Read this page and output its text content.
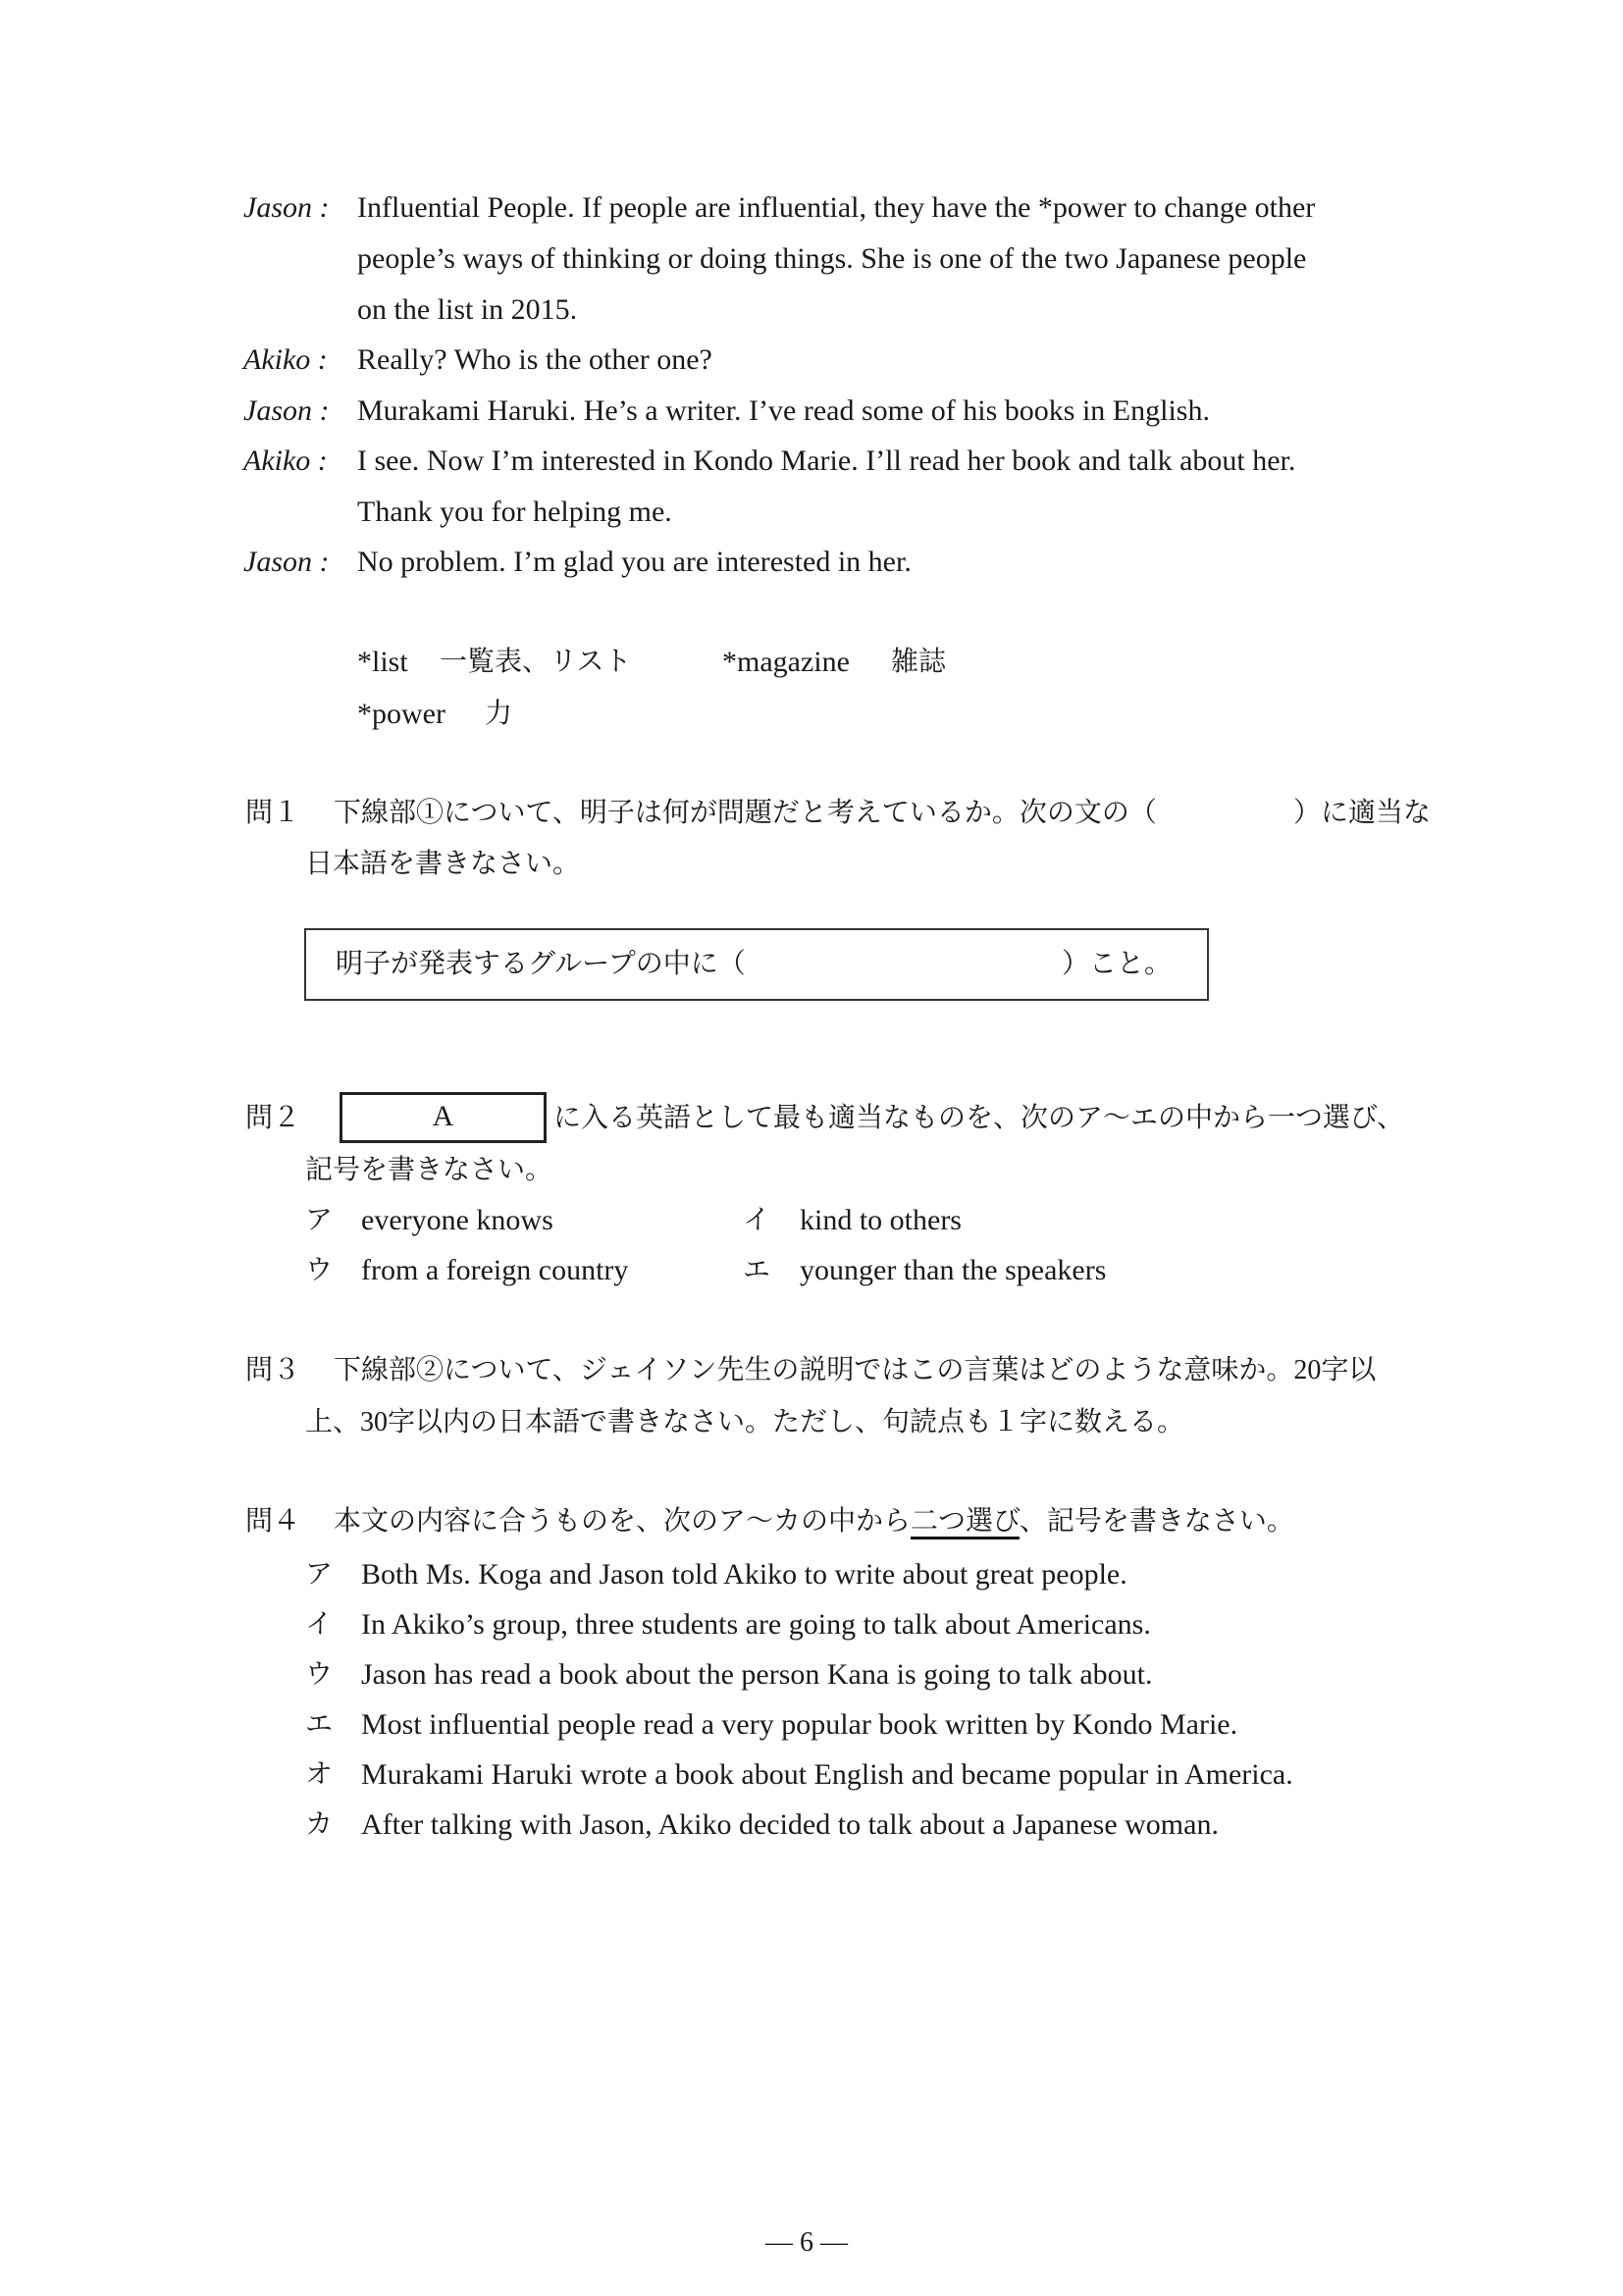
Jason : Influential People. If people are influential, they have the *power to change other
people’s ways of thinking or doing things. She is one of the two Japanese people
on the list in 2015.
Akiko : Really? Who is the other one?
Jason : Murakami Haruki. He’s a writer. I’ve read some of his books in English.
Akiko : I see. Now I’m interested in Kondo Marie. I’ll read her book and talk about her.
Thank you for helping me.
Jason : No problem. I’m glad you are interested in her.
*list 一覧表、リスト	*magazine 雑誌
*power 力
問１ 下線部①について、明子は何が問題だと考えているか。次の文の（	）に適当な
日本語を書きなさい。
明子が発表するグループの中に（	）こと。
問２	A	に入る英語として最も適当なものを、次のア～エの中から一つ選び、
記号を書きなさい。
ア everyone knows	イ kind to others
ウ from a foreign country	エ younger than the speakers
問３ 下線部②について、ジェイソン先生の説明ではこの言葉はどのような意味か。20字以
上、30字以内の日本語で書きなさい。ただし、句読点も１字に数える。
問４ 本文の内容に合うものを、次のア～カの中から二つ選び、記号を書きなさい。
ア Both Ms. Koga and Jason told Akiko to write about great people.
イ In Akiko’s group, three students are going to talk about Americans.
ウ Jason has read a book about the person Kana is going to talk about.
エ Most influential people read a very popular book written by Kondo Marie.
オ Murakami Haruki wrote a book about English and became popular in America.
カ After talking with Jason, Akiko decided to talk about a Japanese woman.
― 6 ―
